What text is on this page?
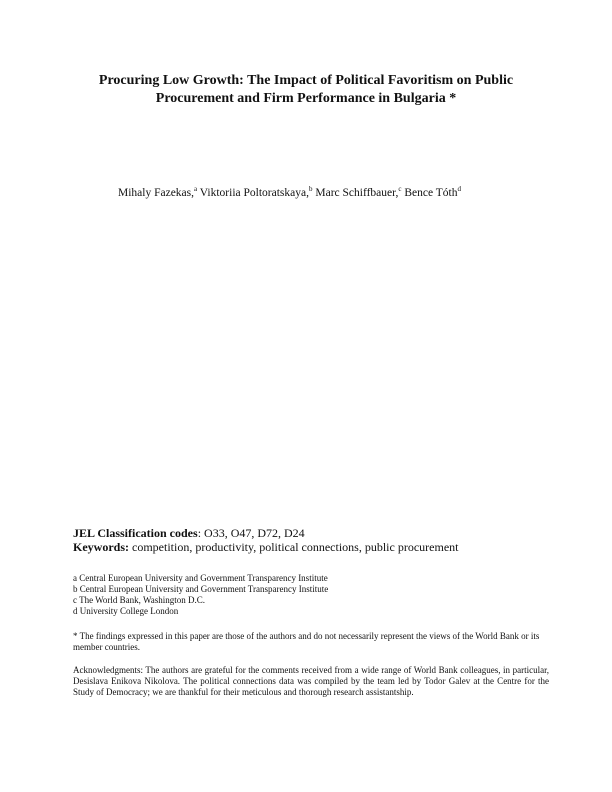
Procuring Low Growth: The Impact of Political Favoritism on Public
Procurement and Firm Performance in Bulgaria *
Mihaly Fazekas,$^a$ Viktoriia Poltoratskaya,$^b$ Marc Schiffbauer,$^c$ Bence Tóth$^d$

JEL Classification codes: O33, O47, D72, D24

Keywords: competition, productivity, political connections, public procurement

a Central European University and Government Transparency Institute
b Central European University and Government Transparency Institute
c The World Bank, Washington D.C.
d University College London

* The findings expressed in this paper are those of the authors and do not necessarily represent the views of the World Bank or its member countries.

Acknowledgments: The authors are grateful for the comments received from a wide range of World Bank colleagues, in particular, Desislava Enikova Nikolova. The political connections data was compiled by the team led by Todor Galev at the Centre for the Study of Democracy; we are thankful for their meticulous and thorough research assistantship.
